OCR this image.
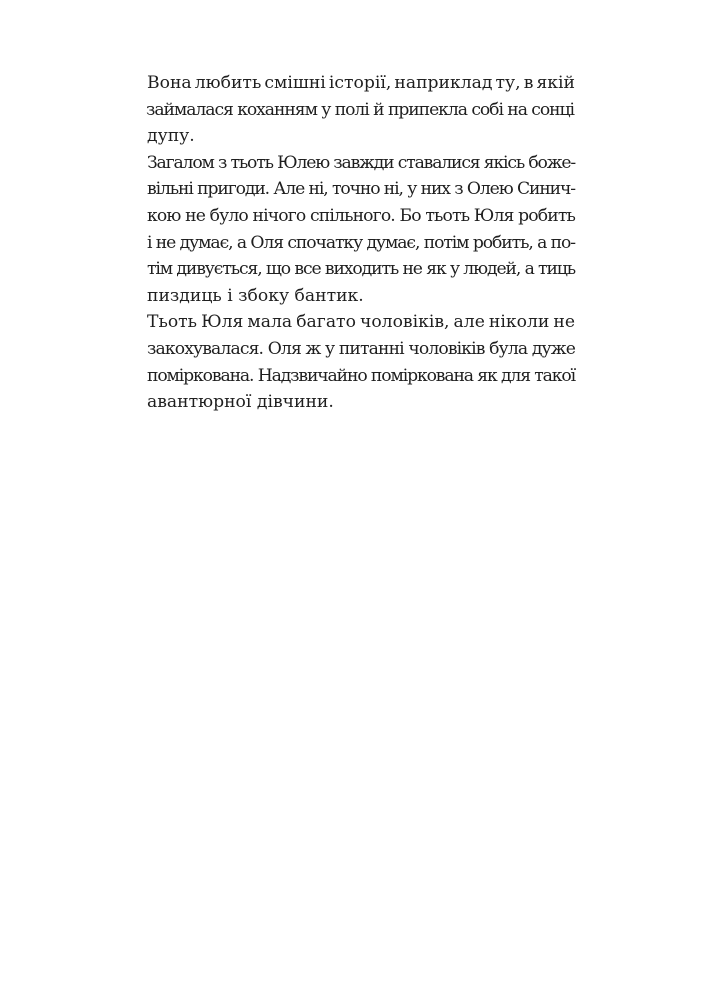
Вона любить смішні історії, наприклад ту, в якій
займалася коханням у полі й припекла собі на сонці
дупу.
Загалом з тьоть Юлею завжди ставалися якісь боже-
вільні пригоди. Але ні, точно ні, у них з Олею Синич-
кою не було нічого спільного. Бо тьоть Юля робить
і не думає, а Оля спочатку думає, потім робить, а по-
тім дивується, що все виходить не як у людей, а тиць
пиздиць і збоку бантик.
Тьоть Юля мала багато чоловіків, але ніколи не
закохувалася. Оля ж у питанні чоловіків була дуже
поміркована. Надзвичайно поміркована як для такої
авантюрної дівчини.
